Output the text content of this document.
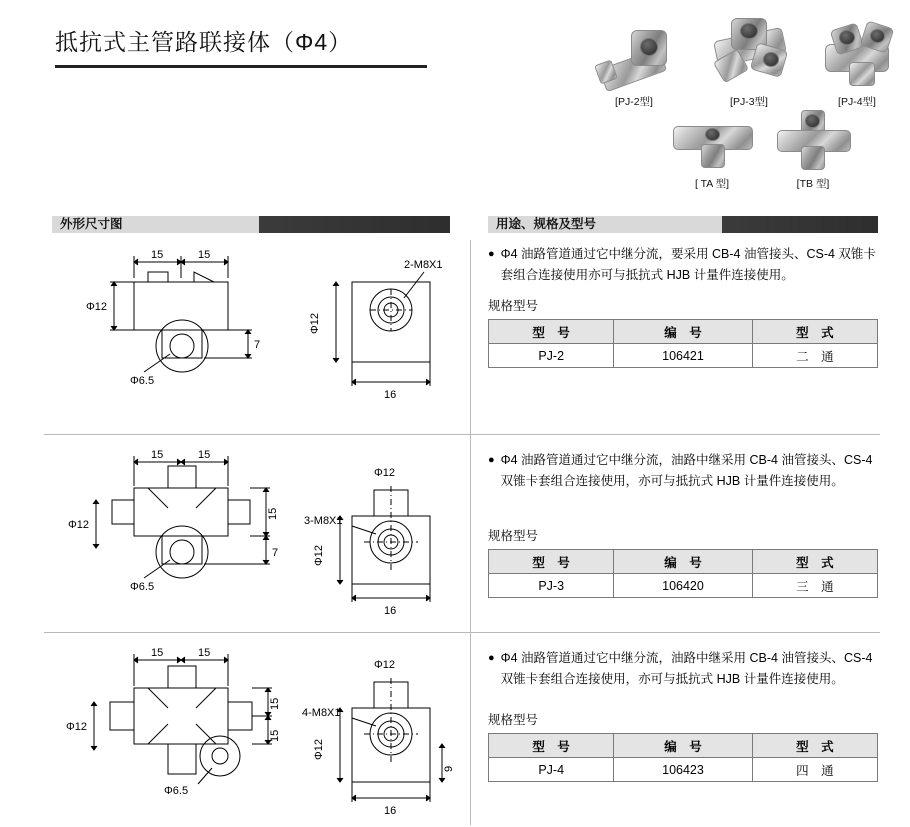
抵抗式主管路联接体（Φ4）
[PJ-2型]	[PJ-3型]	[PJ-4型]
[ TA 型]	[TB 型]
外形尺寸图	用途、规格及型号
15	15
Φ12
7
Φ6.5
2-M8X1
Φ12
16
● Φ4 油路管道通过它中继分流，要采用 CB-4 油管接头、CS-4 双锥卡套组合连接使用亦可与抵抗式 HJB 计量件连接使用。
规格型号
型　号	编　号	型　式
PJ-2	106421	二　通
15	15
Φ12
15
7
Φ6.5
3-M8X1
Φ12
Φ12
16
● Φ4 油路管道通过它中继分流，油路中继采用 CB-4 油管接头、CS-4 双锥卡套组合连接使用，亦可与抵抗式 HJB 计量件连接使用。
规格型号
型　号	编　号	型　式
PJ-3	106420	三　通
15	15
Φ12
15
15
Φ6.5
4-M8X1
Φ12
Φ12
9
16
● Φ4 油路管道通过它中继分流，油路中继采用 CB-4 油管接头、CS-4 双锥卡套组合连接使用，亦可与抵抗式 HJB 计量件连接使用。
规格型号
型　号	编　号	型　式
PJ-4	106423	四　通
